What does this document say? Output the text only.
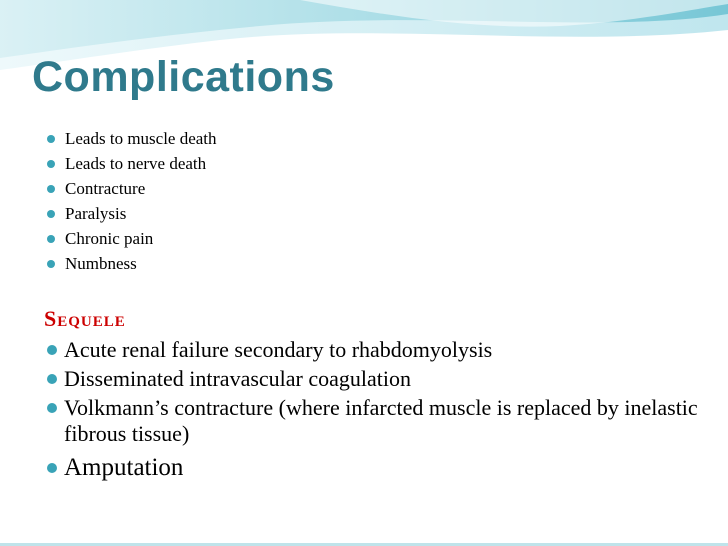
Complications
Leads to muscle death
Leads to nerve death
Contracture
Paralysis
Chronic pain
Numbness
Sequele
Acute renal failure secondary to rhabdomyolysis
Disseminated intravascular coagulation
Volkmann’s contracture (where infarcted muscle is replaced by inelastic fibrous tissue)
Amputation
